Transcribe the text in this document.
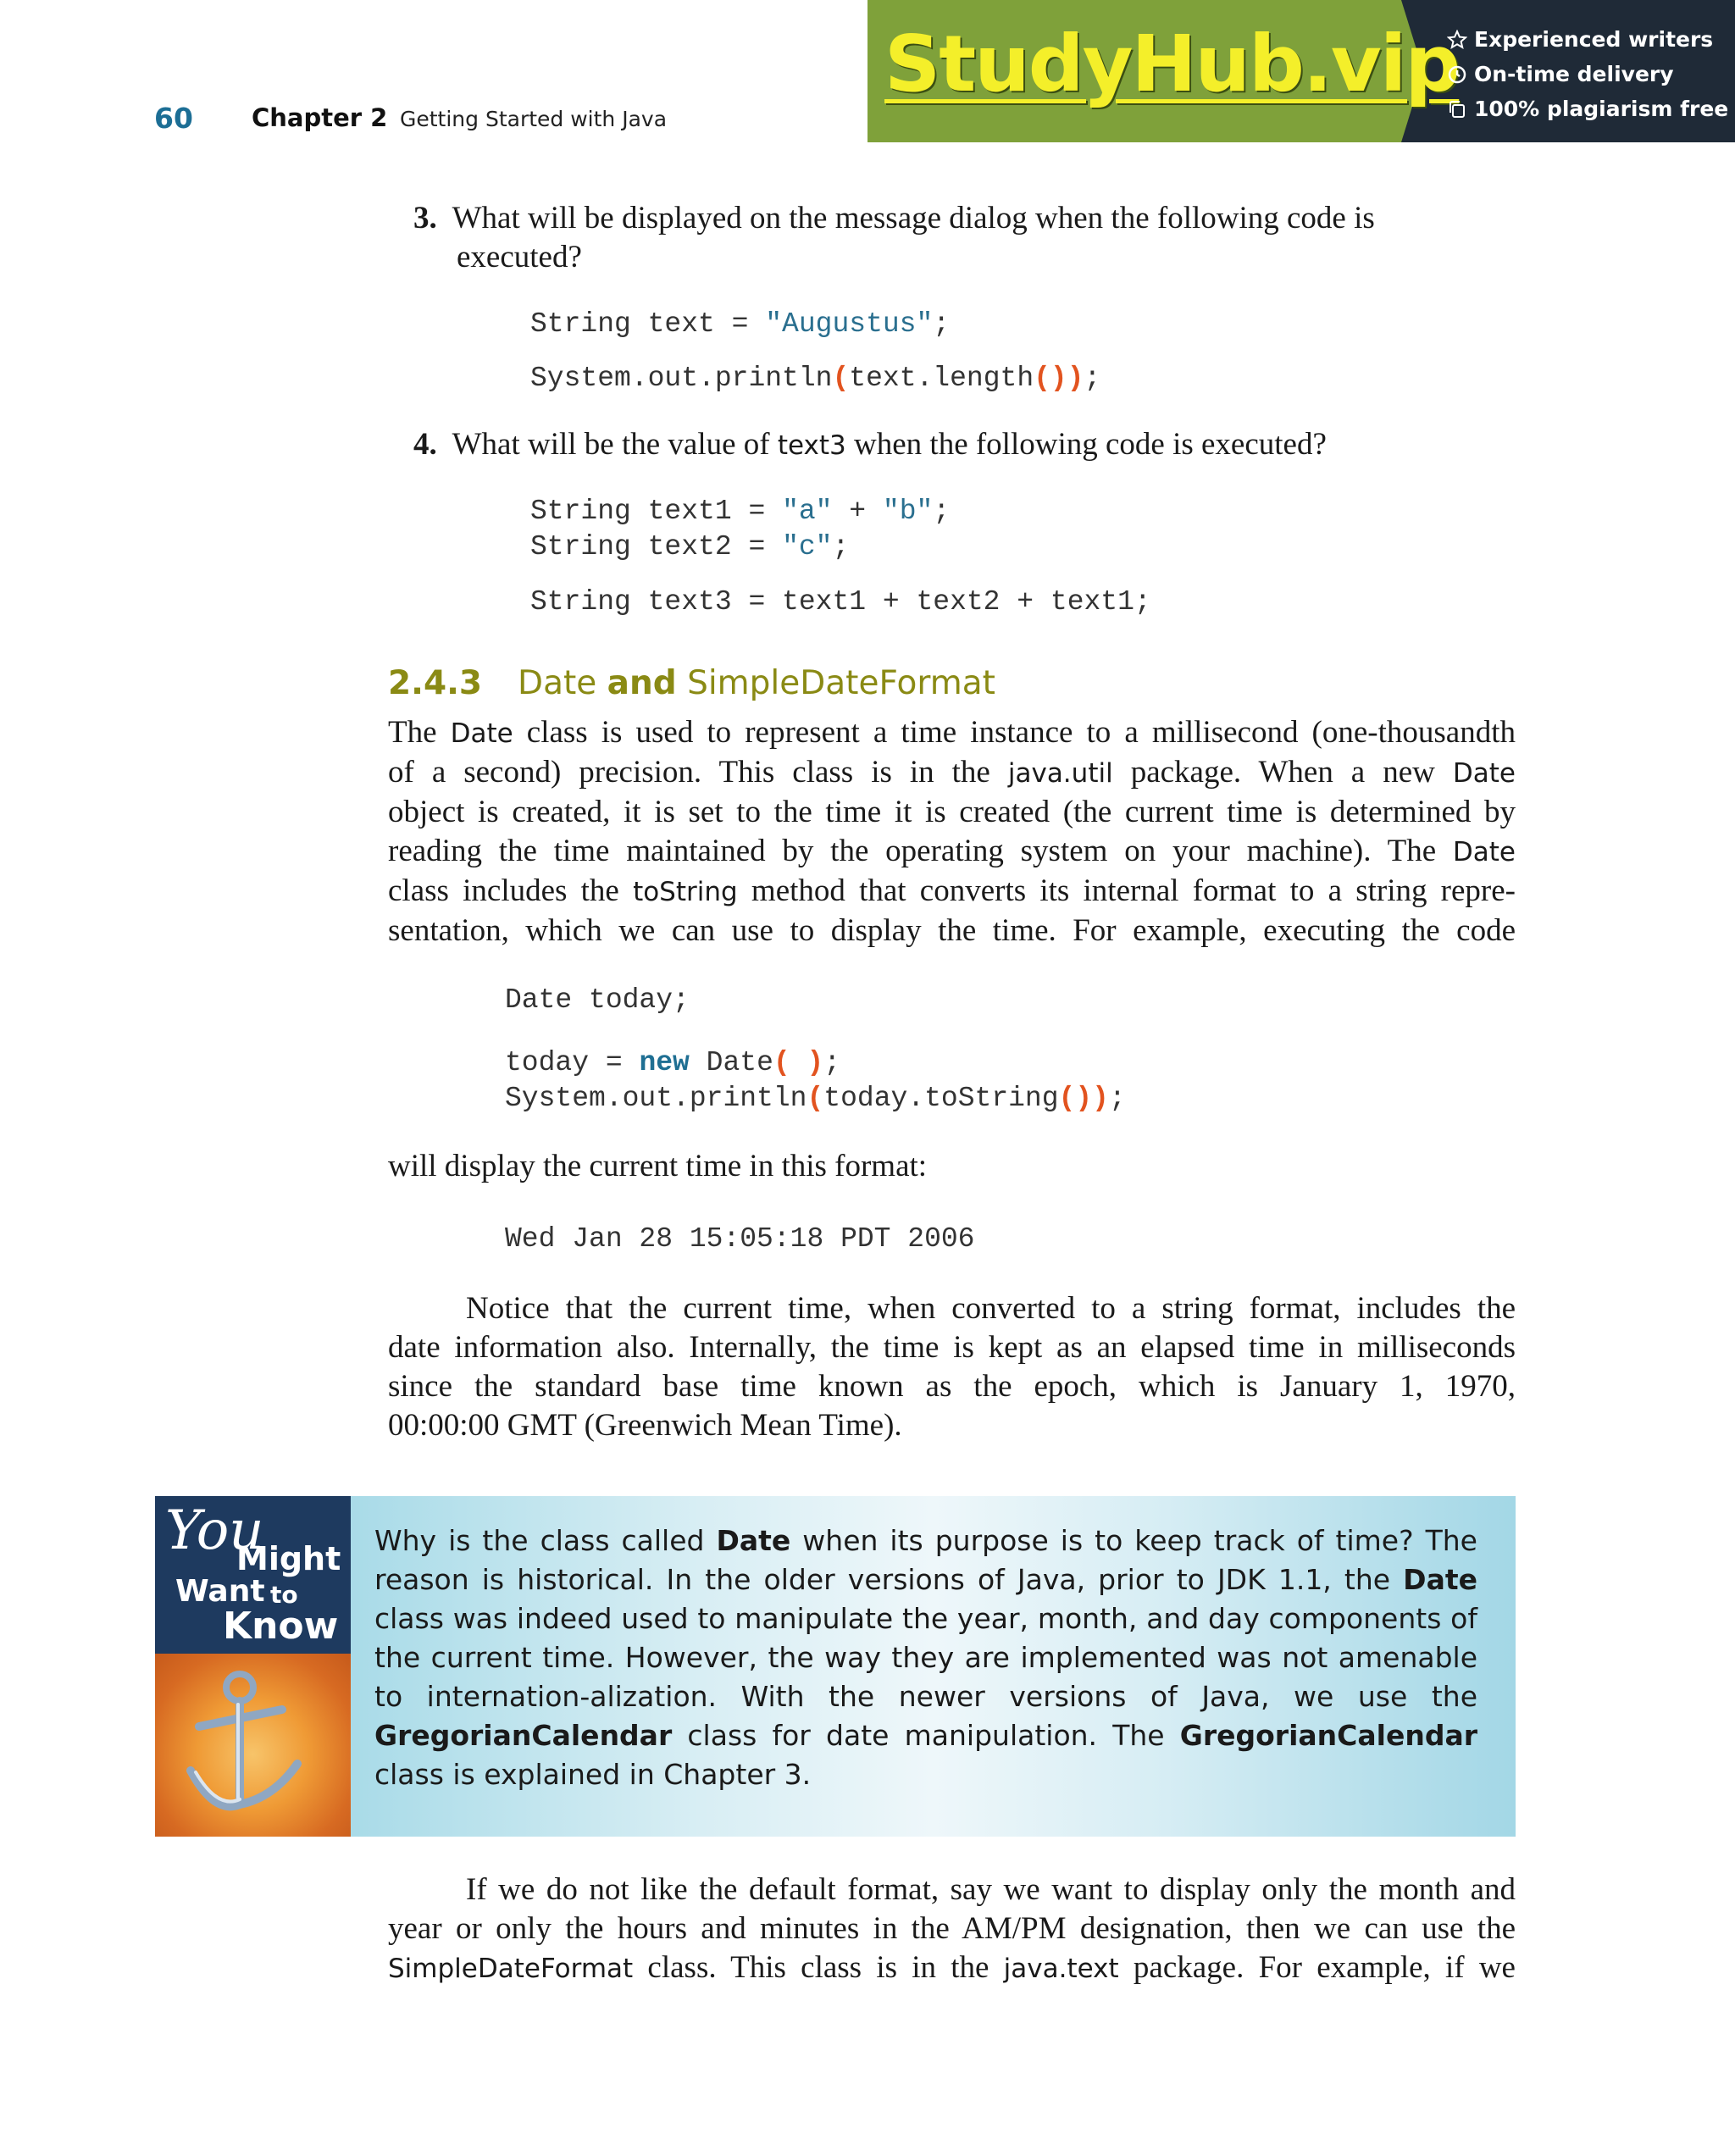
60 Chapter 2 Getting Started with Java
StudyHub.vip Experienced writers
On-time delivery
100% plagiarism free
3. What will be displayed on the message dialog when the following code is
executed?
String text = "Augustus";
System.out.println(text.length());
4. What will be the value of text3 when the following code is executed?
String text1 = "a" + "b";
String text2 = "c";
String text3 = text1 + text2 + text1;
2.4.3 Date and SimpleDateFormat
The Date class is used to represent a time instance to a millisecond (one-thousandth
of a second) precision. This class is in the java.util package. When a new Date
object is created, it is set to the time it is created (the current time is determined by
reading the time maintained by the operating system on your machine). The Date
class includes the toString method that converts its internal format to a string repre-
sentation, which we can use to display the time. For example, executing the code
Date today;
today = new Date( );
System.out.println(today.toString());
will display the current time in this format:
Wed Jan 28 15:05:18 PDT 2006
Notice that the current time, when converted to a string format, includes the
date information also. Internally, the time is kept as an elapsed time in milliseconds
since the standard base time known as the epoch, which is January 1, 1970,
00:00:00 GMT (Greenwich Mean Time).
You
Might
Want to
Know
Why is the class called Date when its purpose is to keep track of time? The reason is historical. In the older versions of Java, prior to JDK 1.1, the Date class was indeed used to manipulate the year, month, and day components of the current time. However, the way they are implemented was not amenable to internation-alization. With the newer versions of Java, we use the GregorianCalendar class for date manipulation. The GregorianCalendar class is explained in Chapter 3.
If we do not like the default format, say we want to display only the month and
year or only the hours and minutes in the AM/PM designation, then we can use the
SimpleDateFormat class. This class is in the java.text package. For example, if we
